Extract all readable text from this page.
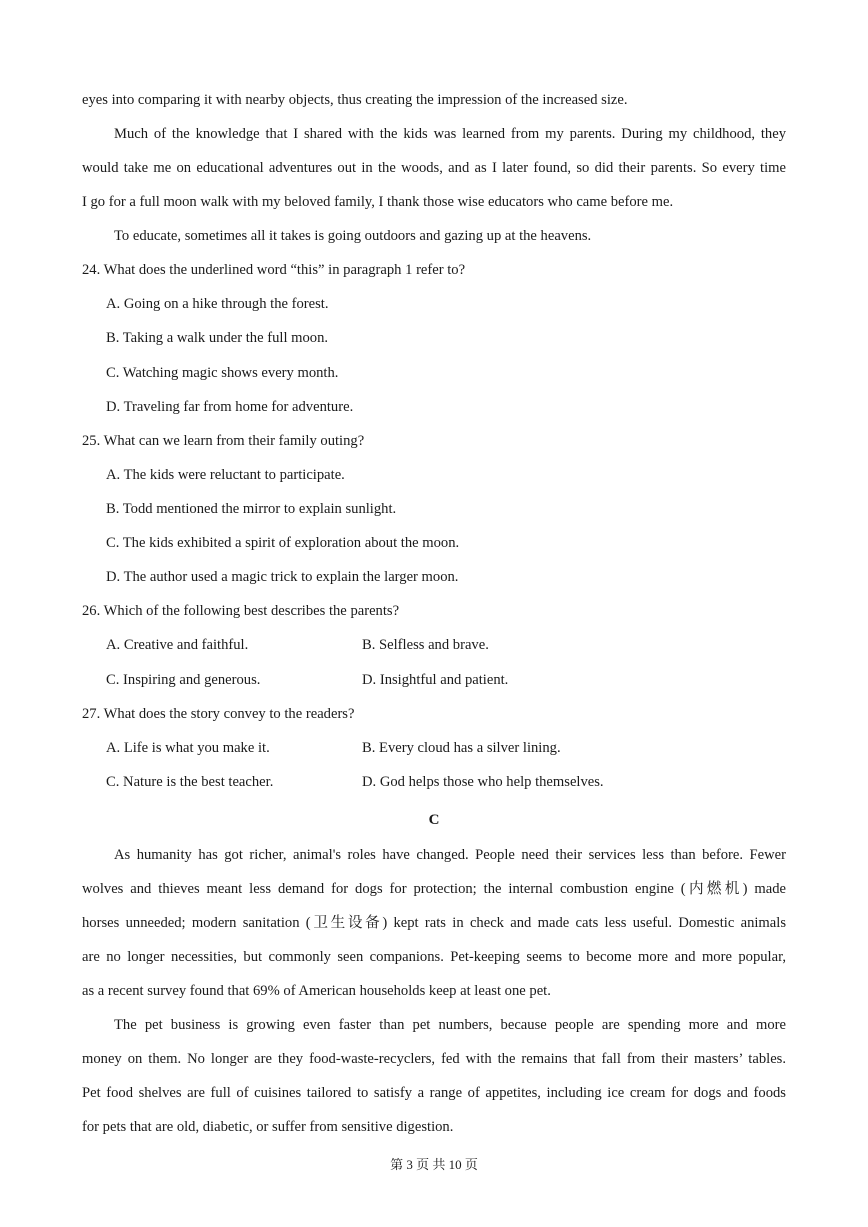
eyes into comparing it with nearby objects, thus creating the impression of the increased size.
Much of the knowledge that I shared with the kids was learned from my parents. During my childhood, they
would take me on educational adventures out in the woods, and as I later found, so did their parents. So every time
I go for a full moon walk with my beloved family, I thank those wise educators who came before me.
To educate, sometimes all it takes is going outdoors and gazing up at the heavens.
24. What does the underlined word “this” in paragraph 1 refer to?
A. Going on a hike through the forest.
B. Taking a walk under the full moon.
C. Watching magic shows every month.
D. Traveling far from home for adventure.
25. What can we learn from their family outing?
A. The kids were reluctant to participate.
B. Todd mentioned the mirror to explain sunlight.
C. The kids exhibited a spirit of exploration about the moon.
D. The author used a magic trick to explain the larger moon.
26. Which of the following best describes the parents?
A. Creative and faithful.	B. Selfless and brave.
C. Inspiring and generous.	D. Insightful and patient.
27. What does the story convey to the readers?
A. Life is what you make it.	B. Every cloud has a silver lining.
C. Nature is the best teacher.	D. God helps those who help themselves.
C
As humanity has got richer, animal's roles have changed. People need their services less than before. Fewer
wolves and thieves meant less demand for dogs for protection; the internal combustion engine (内燃机) made
horses unneeded; modern sanitation (卫生设备) kept rats in check and made cats less useful. Domestic animals
are no longer necessities, but commonly seen companions. Pet-keeping seems to become more and more popular,
as a recent survey found that 69% of American households keep at least one pet.
The pet business is growing even faster than pet numbers, because people are spending more and more
money on them. No longer are they food-waste-recyclers, fed with the remains that fall from their masters’ tables.
Pet food shelves are full of cuisines tailored to satisfy a range of appetites, including ice cream for dogs and foods
for pets that are old, diabetic, or suffer from sensitive digestion.
第 3 页 共 10 页
